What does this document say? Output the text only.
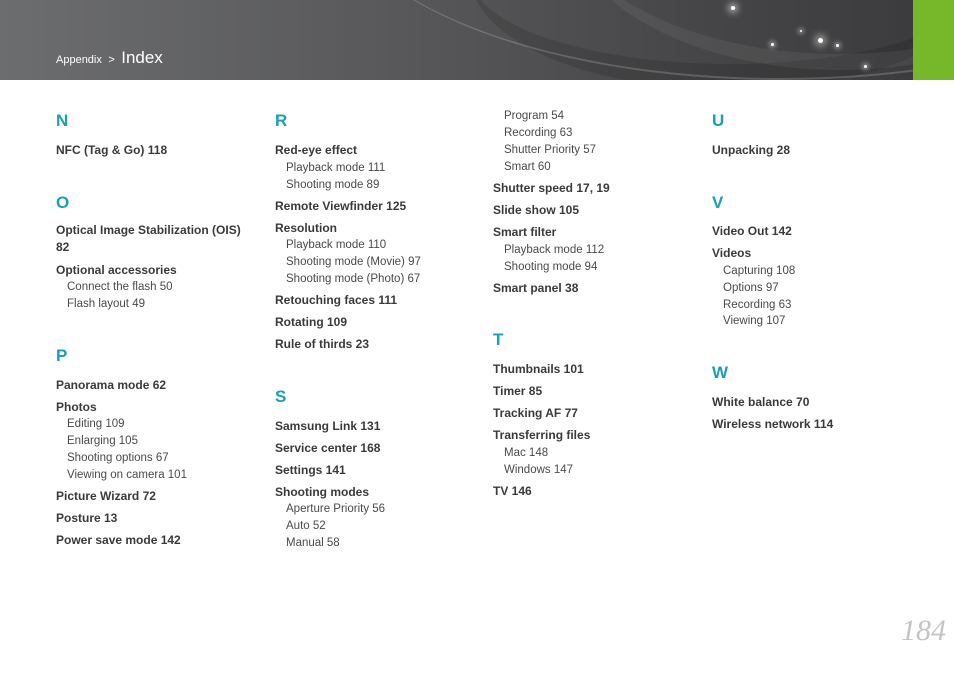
Appendix > Index
N
NFC (Tag & Go) 118
O
Optical Image Stabilization (OIS) 82
Optional accessories
Connect the flash 50
Flash layout 49
P
Panorama mode 62
Photos
Editing 109
Enlarging 105
Shooting options 67
Viewing on camera 101
Picture Wizard 72
Posture 13
Power save mode 142
R
Red-eye effect
Playback mode 111
Shooting mode 89
Remote Viewfinder 125
Resolution
Playback mode 110
Shooting mode (Movie) 97
Shooting mode (Photo) 67
Retouching faces 111
Rotating 109
Rule of thirds 23
S
Samsung Link 131
Service center 168
Settings 141
Shooting modes
Aperture Priority 56
Auto 52
Manual 58
Program 54
Recording 63
Shutter Priority 57
Smart 60
Shutter speed 17, 19
Slide show 105
Smart filter
Playback mode 112
Shooting mode 94
Smart panel 38
T
Thumbnails 101
Timer 85
Tracking AF 77
Transferring files
Mac 148
Windows 147
TV 146
U
Unpacking 28
V
Video Out 142
Videos
Capturing 108
Options 97
Recording 63
Viewing 107
W
White balance 70
Wireless network 114
184
